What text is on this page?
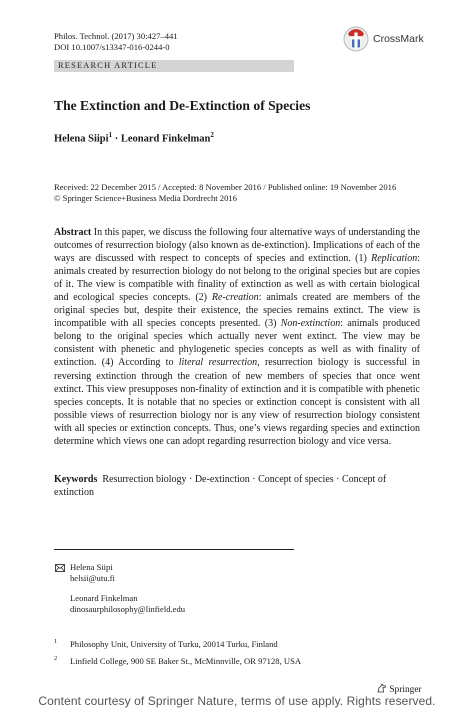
Philos. Technol. (2017) 30:427–441
DOI 10.1007/s13347-016-0244-0
CrossMark
RESEARCH ARTICLE
The Extinction and De-Extinction of Species
Helena Siipi$^1$ · Leonard Finkelman$^2$
Received: 22 December 2015 / Accepted: 8 November 2016 / Published online: 19 November 2016
© Springer Science+Business Media Dordrecht 2016
Abstract In this paper, we discuss the following four alternative ways of understanding the outcomes of resurrection biology (also known as de-extinction). Implications of each of the ways are discussed with respect to concepts of species and extinction. (1) Replication: animals created by resurrection biology do not belong to the original species but are copies of it. The view is compatible with finality of extinction as well as with certain biological and ecological species concepts. (2) Re-creation: animals created are members of the original species but, despite their existence, the species remains extinct. The view is incompatible with all species concepts presented. (3) Non-extinction: animals produced belong to the original species which actually never went extinct. The view may be consistent with phenetic and phylogenetic species concepts as well as with finality of extinction. (4) According to literal resurrection, resurrection biology is successful in reversing extinction through the creation of new members of species that once went extinct. This view presupposes non-finality of extinction and it is compatible with phenetic species concepts. It is notable that no species or extinction concept is consistent with all possible views of resurrection biology nor is any view of resurrection biology consistent with all species or extinction concepts. Thus, one’s views regarding species and extinction determine which views one can adopt regarding resurrection biology and vice versa.
Keywords Resurrection biology · De-extinction · Concept of species · Concept of extinction
Helena Siipi
helsii@utu.fi
Leonard Finkelman
dinosaurphilosophy@linfield.edu
1 Philosophy Unit, University of Turku, 20014 Turku, Finland
2 Linfield College, 900 SE Baker St., McMinnville, OR 97128, USA
Springer
Content courtesy of Springer Nature, terms of use apply. Rights reserved.
